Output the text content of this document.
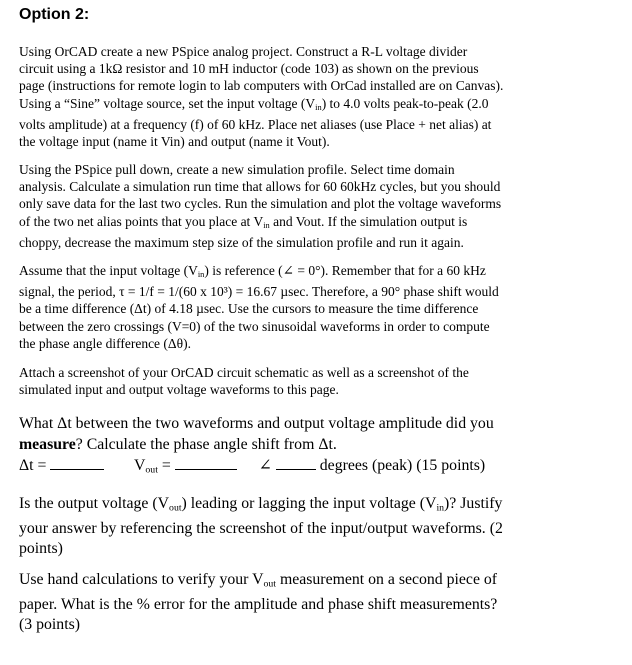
Option 2:
Using OrCAD create a new PSpice analog project. Construct a R-L voltage divider
circuit using a 1kΩ resistor and 10 mH inductor (code 103) as shown on the previous
page (instructions for remote login to lab computers with OrCad installed are on Canvas).
Using a “Sine” voltage source, set the input voltage $(V_{in})$ to 4.0 volts peak-to-peak (2.0
volts amplitude) at a frequency (f) of 60 kHz. Place net aliases (use Place + net alias) at
the voltage input (name it Vin) and output (name it Vout).
Using the PSpice pull down, create a new simulation profile. Select time domain
analysis. Calculate a simulation run time that allows for 60 60kHz cycles, but you should
only save data for the last two cycles. Run the simulation and plot the voltage waveforms
of the two net alias points that you place at $V_{in}$ and Vout. If the simulation output is
choppy, decrease the maximum step size of the simulation profile and run it again.
Assume that the input voltage $(V_{in})$ is reference (∠ = 0°). Remember that for a 60 kHz
signal, the period, τ = 1/f = 1/(60 x 10³) = 16.67 µsec. Therefore, a 90° phase shift would
be a time difference (Δt) of 4.18 µsec. Use the cursors to measure the time difference
between the zero crossings (V=0) of the two sinusoidal waveforms in order to compute
the phase angle difference (Δθ).
Attach a screenshot of your OrCAD circuit schematic as well as a screenshot of the
simulated input and output voltage waveforms to this page.
What Δt between the two waveforms and output voltage amplitude did you
measure? Calculate the phase angle shift from Δt.
Δt =	$V_{out}$ =	∠	degrees (peak) (15 points)
Is the output voltage $(V_{out})$ leading or lagging the input voltage $(V_{in})$? Justify
your answer by referencing the screenshot of the input/output waveforms. (2
points)
Use hand calculations to verify your $V_{out}$ measurement on a second piece of
paper. What is the % error for the amplitude and phase shift measurements?
(3 points)
